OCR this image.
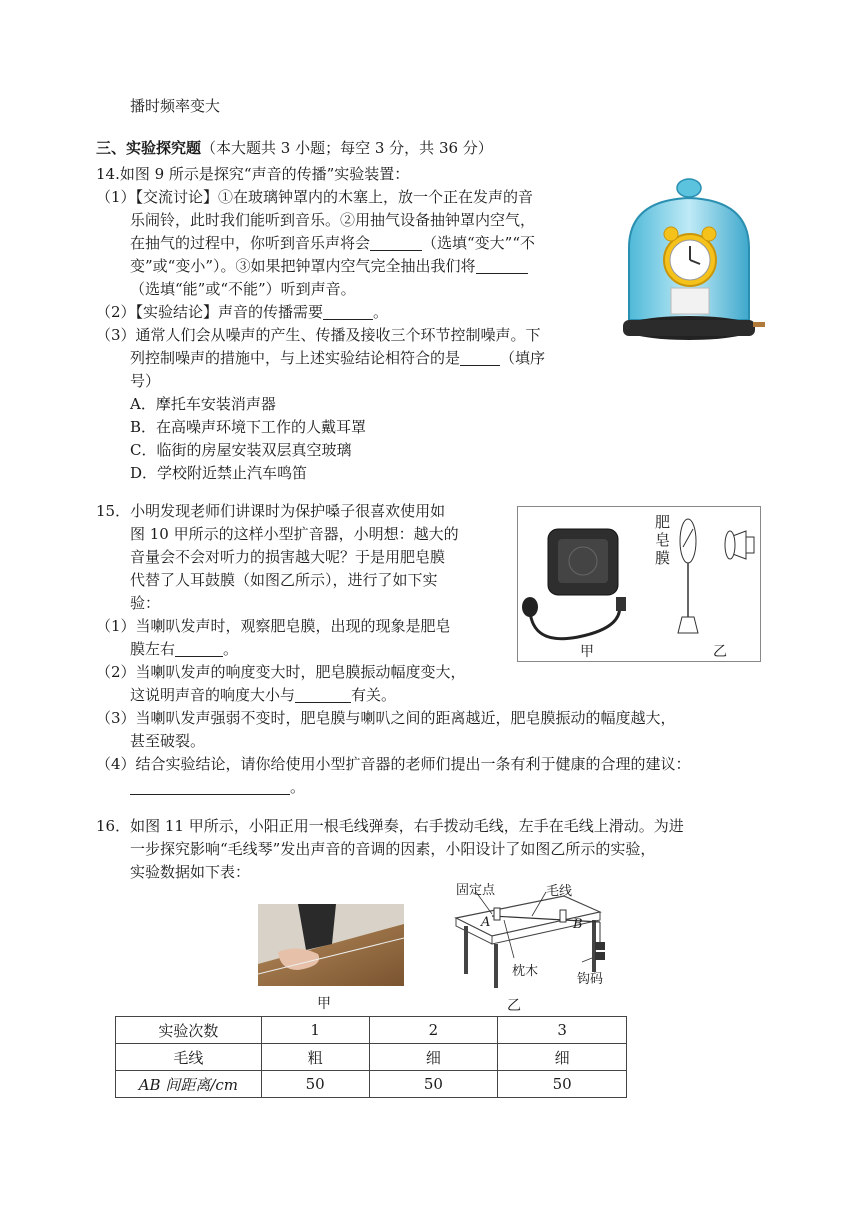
播时频率变大
三、实验探究题（本大题共 3 小题；每空 3 分，共 36 分）
14.如图 9 所示是探究“声音的传播”实验装置：
（1）【交流讨论】①在玻璃钟罩内的木塞上，放一个正在发声的音
乐闹铃，此时我们能听到音乐。②用抽气设备抽钟罩内空气，
在抽气的过程中，你听到音乐声将会	（选填“变大”“不
变”或“变小”）。③如果把钟罩内空气完全抽出我们将
（选填“能”或“不能”）听到声音。
（2）【实验结论】声音的传播需要	。
（3）通常人们会从噪声的产生、传播及接收三个环节控制噪声。下
列控制噪声的措施中，与上述实验结论相符合的是	（填序
号）
A．摩托车安装消声器
B．在高噪声环境下工作的人戴耳罩
C．临街的房屋安装双层真空玻璃
D．学校附近禁止汽车鸣笛
15．小明发现老师们讲课时为保护嗓子很喜欢使用如
图 10 甲所示的这样小型扩音器，小明想：越大的
音量会不会对听力的损害越大呢？于是用肥皂膜
代替了人耳鼓膜（如图乙所示），进行了如下实
验：
（1）当喇叭发声时，观察肥皂膜，出现的现象是肥皂
膜左右	。
（2）当喇叭发声的响度变大时，肥皂膜振动幅度变大，
这说明声音的响度大小与	有关。
（3）当喇叭发声强弱不变时，肥皂膜与喇叭之间的距离越近，肥皂膜振动的幅度越大，
甚至破裂。
（4）结合实验结论，请你给使用小型扩音器的老师们提出一条有利于健康的合理的建议：
。
肥皂膜
甲	乙
16．如图 11 甲所示，小阳正用一根毛线弹奏，右手拨动毛线，左手在毛线上滑动。为进
一步探究影响“毛线琴”发出声音的音调的因素，小阳设计了如图乙所示的实验，
实验数据如下表：
甲
固定点	毛线
A	B
枕木
钩码
乙
实验次数	1	2	3
毛线	粗	细	细
AB 间距离/cm	50	50	50
